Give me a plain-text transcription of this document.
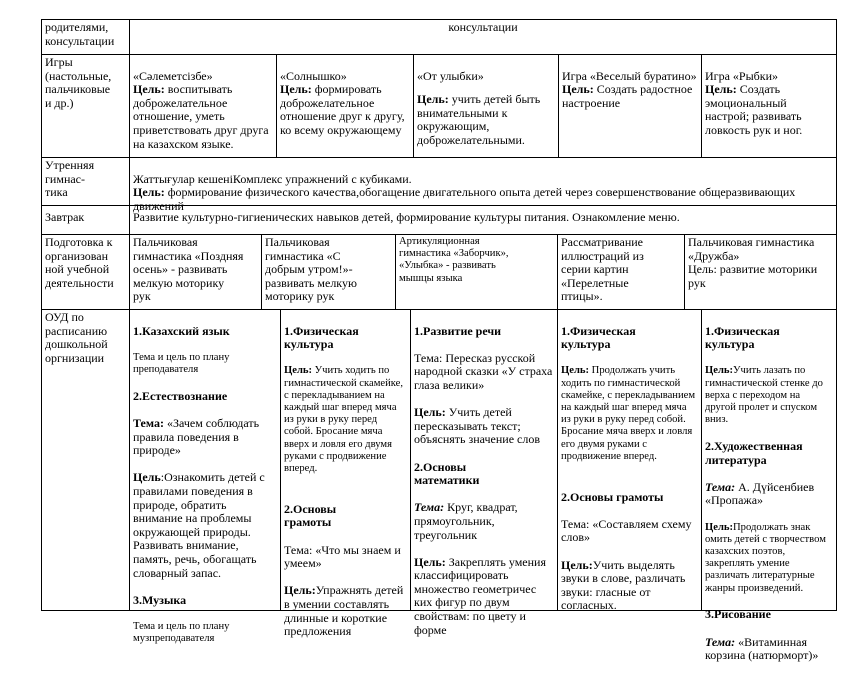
родителями,
консультации
консультации
Игры
(настольные,
пальчиковые
и др.)

«Сәлеметсізбе»
Цель: воспитывать доброжелательное отношение, уметь приветствовать друг друга на казахском языке.

«Солнышко»
Цель: формировать доброжелательное отношение друг к другу, ко всему окружающему

«От улыбки»
Цель: учить детей быть внимательными к окружающим, доброжелательными.

Игра «Веселый буратино»
Цель: Создать радостное настроение

Игра «Рыбки»
Цель: Создать эмоциональный настрой; развивать ловкость рук и ног.

Утренняя
гимнас-
тика

Жаттығулар кешеніКомплекс упражнений с кубиками.
Цель: формирование физического качества,обогащение двигательного опыта детей через совершенствование общеразвивающих движений

Завтрак	Развитие культурно-гигиенических навыков детей, формирование культуры питания. Ознакомление меню.
Подготовка к
организован
ной учебной
деятельности
Пальчиковая
гимнастика «Поздняя
осень» - развивать
мелкую моторику
рук
Пальчиковая
гимнастика «С
добрым утром!»-
развивать мелкую
моторику рук
Артикуляционная
гимнастика «Заборчик»,
«Улыбка» - развивать
мышцы языка
Рассматривание
иллюстраций из
серии картин
«Перелетные
птицы».
Пальчиковая гимнастика
«Дружба»
Цель: развитие моторики
рук
ОУД по
расписанию
дошкольной
оргнизации

1.Казахский язык

Тема и цель по плану
преподавателя

2.Естествознание

Тема: «Зачем соблюдать правила поведения в природе»

Цель:Ознакомить детей с правилами поведения в природе, обратить внимание на проблемы окружающей природы. Развивать внимание, память, речь, обогащать словарный запас.

3.Музыка

Тема и цель по плану
музпреподавателя

1.Физическая
культура

Цель: Учить ходить по гимнастической скамейке, с перекладыванием на каждый шаг вперед мяча из руки в руку перед собой. Бросание мяча вверх и ловля его двумя руками с продвижение вперед.

2.Основы
грамоты

Тема: «Что мы знаем и умеем»

Цель:Упражнять детей в умении составлять длинные и короткие предложения

1.Развитие речи

Тема: Пересказ русской народной сказки «У страха глаза велики»

Цель: Учить детей пересказывать текст; объяснять значение слов

2.Основы
математики

Тема: Круг, квадрат, прямоугольник, треугольник

Цель: Закреплять умения классифицировать множество геометричес ких фигур по двум свойствам: по цвету и форме

1.Физическая
культура

Цель: Продолжать учить ходить по гимнастической скамейке, с перекладыванием на каждый шаг вперед мяча из руки в руку перед собой. Бросание мяча вверх и ловля его двумя руками с продвижение вперед.

2.Основы грамоты

Тема: «Составляем схему слов»

Цель:Учить выделять звуки в слове, различать звуки: гласные от согласных.

1.Физическая
культура

Цель:Учить лазать по гимнастической стенке до верха с переходом на другой пролет и спуском вниз.

2.Художественная
литература

Тема: А. Дүйсенбиев «Пропажа»

Цель:Продолжать знак омить детей с творчеством казахских поэтов, закреплять умение различать литературные жанры произведений.

3.Рисование

Тема: «Витаминная корзина (натюрморт)»
